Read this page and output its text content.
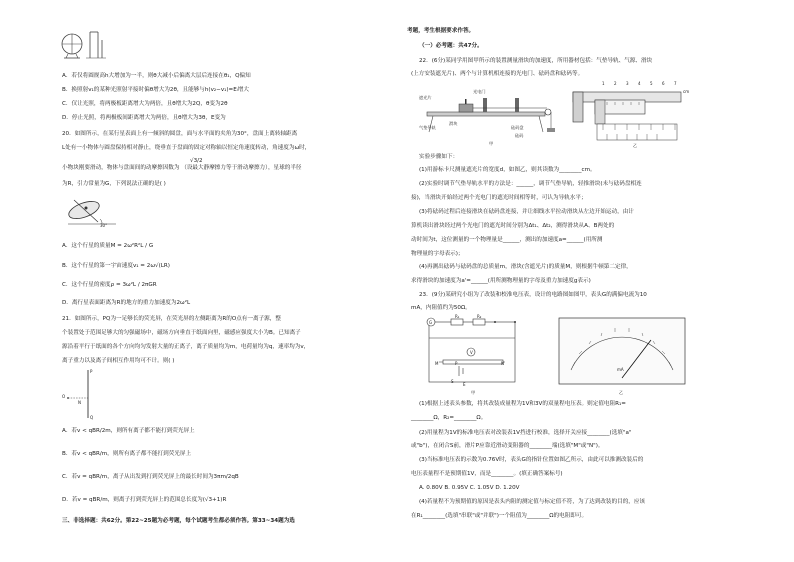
A．若仅将圆规高h大增加为一半，则θ大减小后偏离大层后连接在θ₁，Q偏知
B．换照射v₁的某种光照射平接时偏θ增大为2θ，且能够与h(v₂−v₁)=Eᵢ增大
C．仅让光照，将两极板距离增大为两倍，且θ增大为2Q，θ变为2θ
D．停止光照，将两极板间距离增大为两倍，且θ增大为3θ，E变为
20．如图所示，在某行星表面上有一倾斜的圆盘，面与水平面的夹角为30°，盘面上离转轴距离
L处有一小物体与圆盘保持相对静止，绕垂直于盘面的固定对称轴以恒定角速度转动，角速度为ω时，
小物块刚要滑动，物体与盘面间的动摩擦因数为 （设最大静摩擦力等于滑动摩擦力），星球的半径
√3/2
为R，引力常量为G，下列说法正确的是( )
30°
A．这个行星的质量M = 2ω²R²L / G
B．这个行星的第一宇宙速度v₁ = 2ω√(LR)
C．这个行星的密度ρ = 3ω²L / 2πGR
D．离行星表面距离为R的地方的重力加速度为2ω²L
21．如图所示，PQ为一足够长的荧光屏，在荧光屏的左侧距离为R的O点有一离子源，整
个装置处于范围足够大的匀强磁场中，磁场方向垂直于纸面向里，磁感应强度大小为B。已知离子
源沿着平行于纸面的各个方向均匀发射大量的正离子，离子质量均为m，电荷量均为q，速率均为v，
离子重力以及离子间相互作用均可不计。则( )
P
O
N
Q
A．若v < qBR/2m，则所有离子都不能打到荧光屏上
B．若v < qBR/m，则所有离子都不能打到荧光屏上
C．若v = qBR/m，离子从出发到打到荧光屏上的最长时间为3πm/2qB
D．若v = qBR/m，则离子打到荧光屏上的范围总长度为(√3+1)R
三、非选择题：共62分。第22~25题为必考题，每个试题考生都必须作答。第33~34题为选
考题，考生根据要求作答。
（一）必考题：共47分。
22．(6分)某同学用图甲所示的装置测量滑块的加速度，所用器材包括：气垫导轨、气源、滑块
(上方安装遮光片)、两个与计算机相连接的光电门、砝码盘和砝码等。
遮光片
光电门
滑块
气垫导轨	砝码盘
砝码
甲
1 2 3 4 5 6 7
cm
乙
实验步骤如下：
(1)用游标卡尺测量遮光片的宽度d，如图乙，则其读数为________cm。
(2)实验时调节气垫导轨水平的方法是：______，调节气垫导轨，轻推滑块(未与砝码盘相连
接)，当滑块开始经过两个光电门的遮光时间相等时，可认为导轨水平；
(3)将砝码过程后连接滑块在砝码盘连接，并让细线水平拉动滑块从左边开始运动，由计
算机读出滑块经过两个光电门的遮光时间分别为Δt₁、Δt₂，测得滑块从A、B两处的
动时间为t，这位测量的一个物理量是______，测出的加速度a=______(用所测
物理量的字母表示)；
(4)再测出砝码与砝码盘的总质量m，滑块(含遮光片)的质量M，则根据牛顿第二定律，
求得滑块的加速度为a'=______(用所测物理量的字母及重力加速度g表示)
23．(9分)某研究小组为了改装和校准电压表，设计的电路图如图甲，表头G的满偏电流为10
mA，内阻值约为50Ω。
G
R₁	R₂
V
M	P	N
S
E
甲
mA
乙
(1)根据上述表头参数，将其改装成量程为1V和3V的双量程电压表。则定值电阻R₁=
________Ω，R₂=________Ω。
(2)用量程为1V的标准电压表对改装表1V挡进行校准，选择开关应接________(选填"a"
或"b")，在闭合S前，滑片P应靠近滑动变阻器的________端(选填"M"或"N")。
(3)当标准电压表的示数为0.76V时，表头G的指针位置如图乙所示，由此可以推测改装后的
电压表量程不是预期值1V，而是________。(填正确答案标号)
A. 0.80V B. 0.95V C. 1.05V D. 1.20V
(4)若量程不为预期值的原因是表头内阻的测定值与标定值不符，为了达到改装的目的，应该
在R₁________(选填"串联"或"并联")一个阻值为________Ω的电阻即可。
